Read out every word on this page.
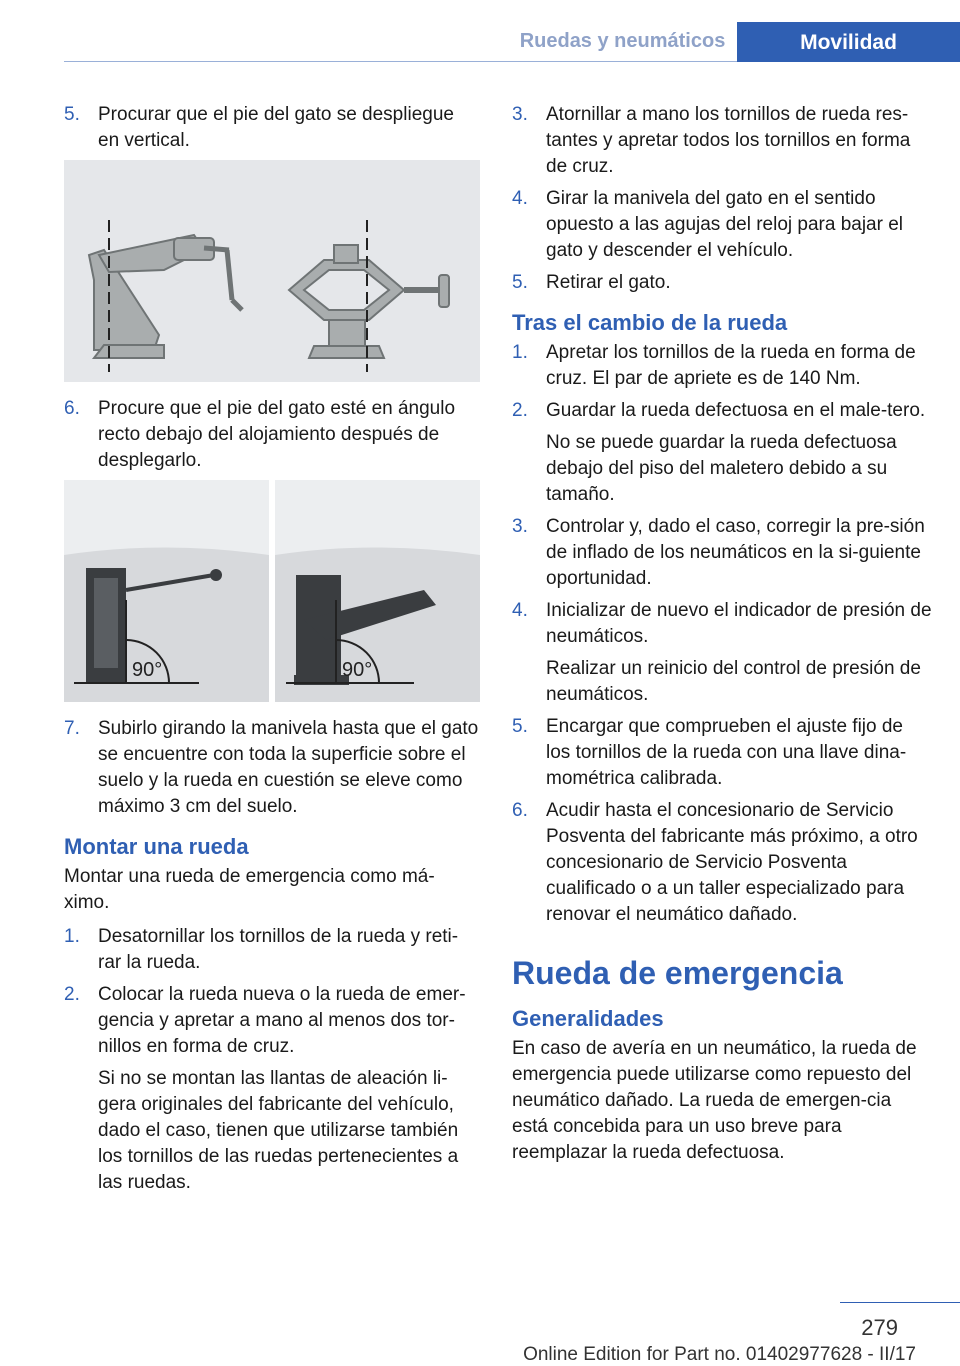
Ruedas y neumáticos	Movilidad
5. Procurar que el pie del gato se despliegue en vertical.
6. Procure que el pie del gato esté en ángulo recto debajo del alojamiento después de desplegarlo.
90°	90°
7. Subirlo girando la manivela hasta que el gato se encuentre con toda la superficie sobre el suelo y la rueda en cuestión se eleve como máximo 3 cm del suelo.
Montar una rueda
Montar una rueda de emergencia como má‐ximo.
1. Desatornillar los tornillos de la rueda y reti‐rar la rueda.
2. Colocar la rueda nueva o la rueda de emer‐gencia y apretar a mano al menos dos tor‐nillos en forma de cruz.
Si no se montan las llantas de aleación li‐gera originales del fabricante del vehículo, dado el caso, tienen que utilizarse también los tornillos de las ruedas pertenecientes a las ruedas.
3. Atornillar a mano los tornillos de rueda res‐tantes y apretar todos los tornillos en forma de cruz.
4. Girar la manivela del gato en el sentido opuesto a las agujas del reloj para bajar el gato y descender el vehículo.
5. Retirar el gato.
Tras el cambio de la rueda
1. Apretar los tornillos de la rueda en forma de cruz. El par de apriete es de 140 Nm.
2. Guardar la rueda defectuosa en el male‐tero.
No se puede guardar la rueda defectuosa debajo del piso del maletero debido a su tamaño.
3. Controlar y, dado el caso, corregir la pre‐sión de inflado de los neumáticos en la si‐guiente oportunidad.
4. Inicializar de nuevo el indicador de presión de neumáticos.
Realizar un reinicio del control de presión de neumáticos.
5. Encargar que comprueben el ajuste fijo de los tornillos de la rueda con una llave dina‐mométrica calibrada.
6. Acudir hasta el concesionario de Servicio Posventa del fabricante más próximo, a otro concesionario de Servicio Posventa cualificado o a un taller especializado para renovar el neumático dañado.
Rueda de emergencia
Generalidades
En caso de avería en un neumático, la rueda de emergencia puede utilizarse como repuesto del neumático dañado. La rueda de emergen‐cia está concebida para un uso breve para reemplazar la rueda defectuosa.
279
Online Edition for Part no. 01402977628 - II/17
